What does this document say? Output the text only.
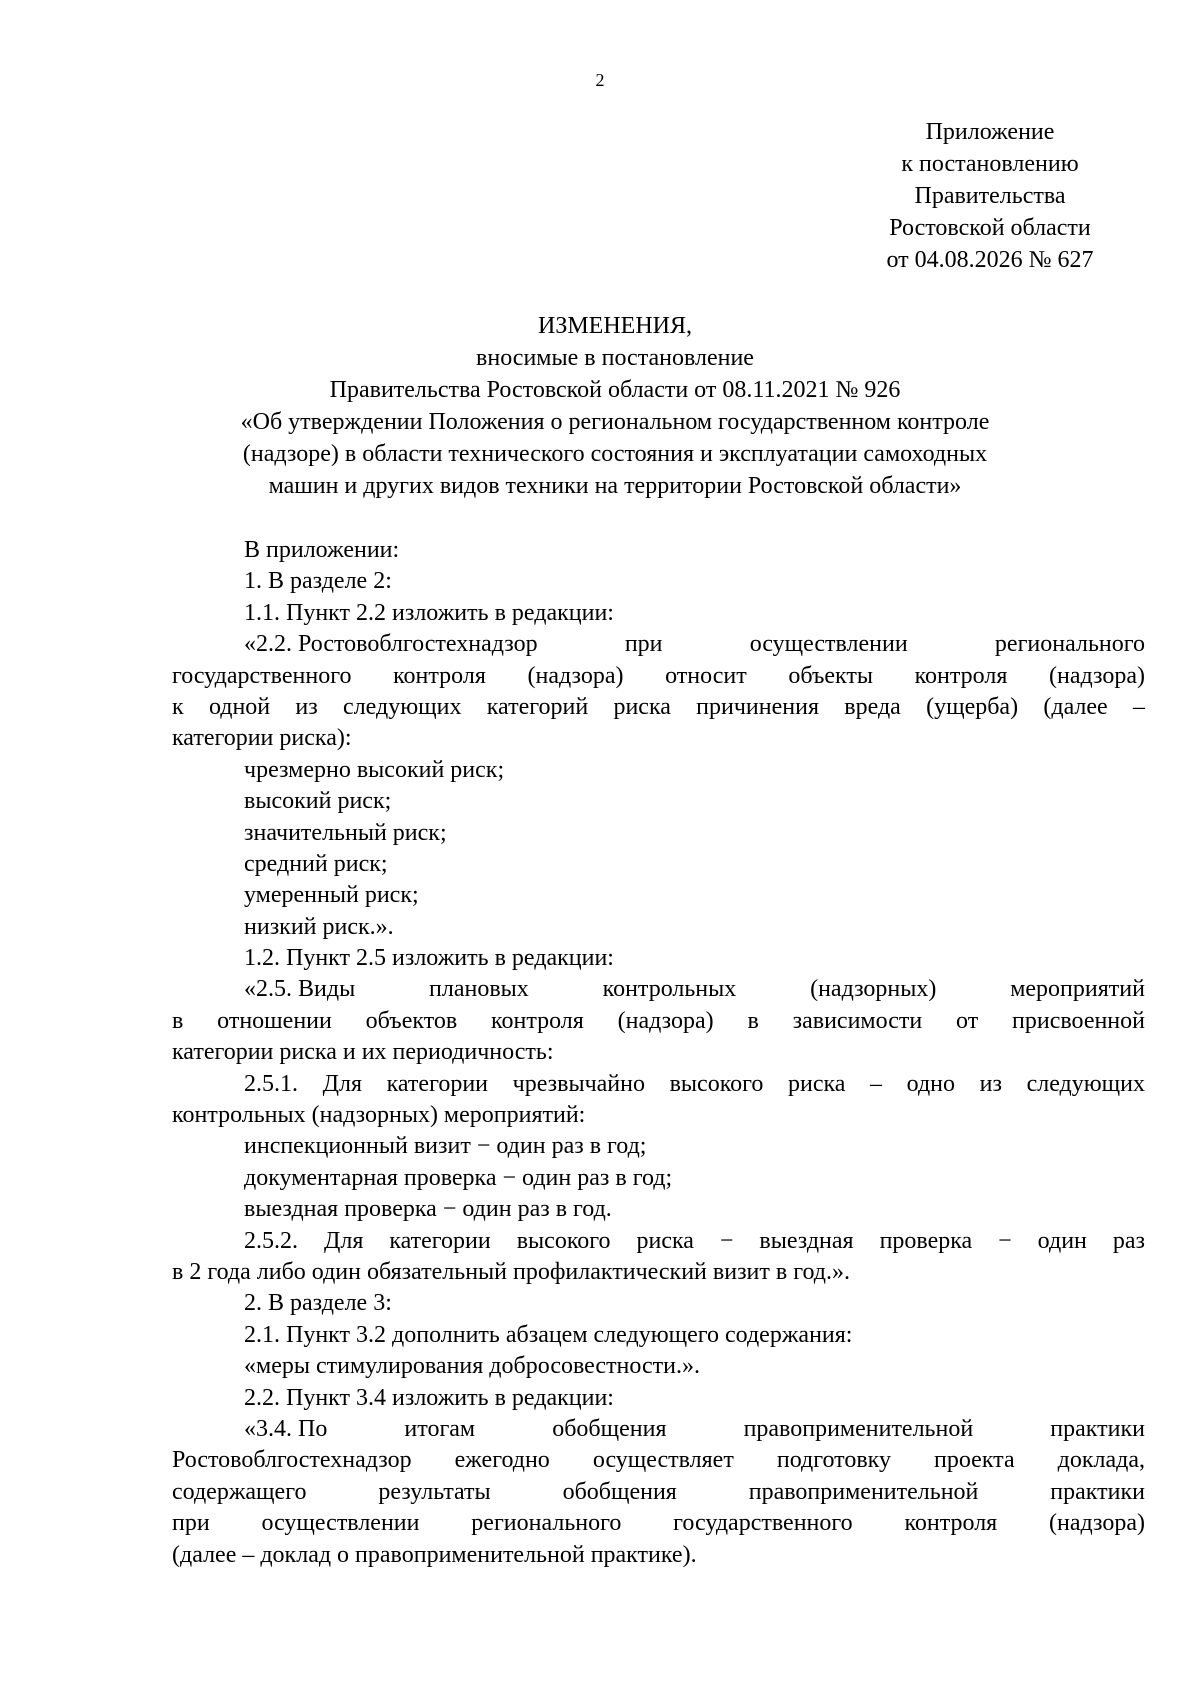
2
Приложение
к постановлению
Правительства
Ростовской области
от 04.08.2026 № 627
ИЗМЕНЕНИЯ,
вносимые в постановление
Правительства Ростовской области от 08.11.2021 № 926
«Об утверждении Положения о региональном государственном контроле
(надзоре) в области технического состояния и эксплуатации самоходных
машин и других видов техники на территории Ростовской области»
В приложении:
1. В разделе 2:
1.1. Пункт 2.2 изложить в редакции:
«2.2. Ростовоблгостехнадзор	при	осуществлении	регионального
государственного контроля (надзора) относит объекты контроля (надзора)
к одной из следующих категорий риска причинения вреда (ущерба) (далее –
категории риска):
чрезмерно высокий риск;
высокий риск;
значительный риск;
средний риск;
умеренный риск;
низкий риск.».
1.2. Пункт 2.5 изложить в редакции:
«2.5. Виды	плановых	контрольных	(надзорных)	мероприятий
в отношении объектов контроля (надзора) в зависимости от присвоенной
категории риска и их периодичность:
2.5.1. Для категории чрезвычайно высокого риска – одно из следующих
контрольных (надзорных) мероприятий:
инспекционный визит − один раз в год;
документарная проверка − один раз в год;
выездная проверка − один раз в год.
2.5.2. Для категории высокого риска − выездная проверка − один раз
в 2 года либо один обязательный профилактический визит в год.».
2. В разделе 3:
2.1. Пункт 3.2 дополнить абзацем следующего содержания:
«меры стимулирования добросовестности.».
2.2. Пункт 3.4 изложить в редакции:
«3.4. По	итогам	обобщения	правоприменительной	практики
Ростовоблгостехнадзор ежегодно осуществляет подготовку проекта доклада,
содержащего	результаты	обобщения	правоприменительной	практики
при осуществлении регионального государственного контроля (надзора)
(далее – доклад о правоприменительной практике).
